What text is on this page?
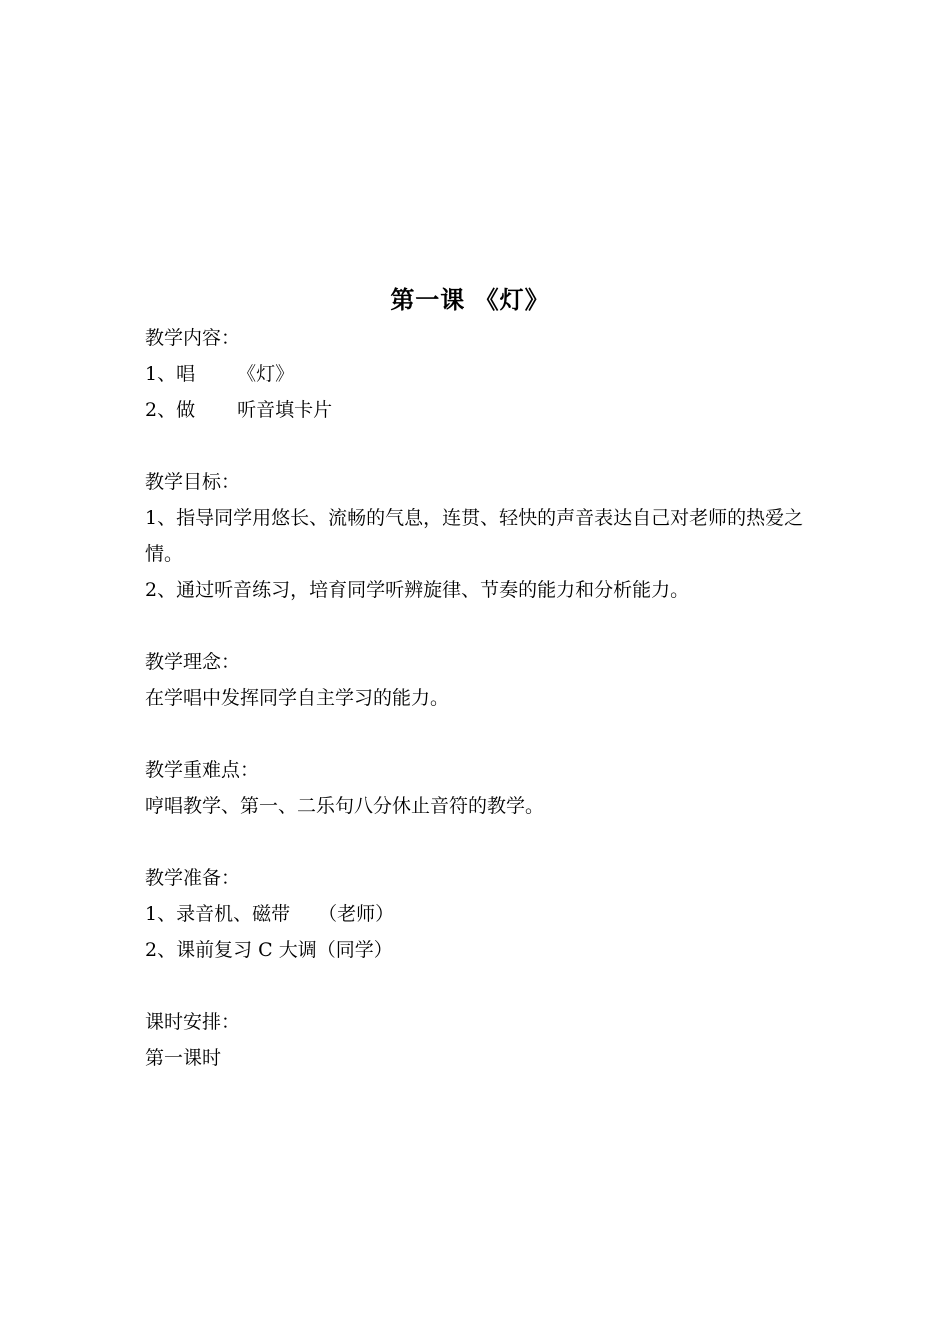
第一课 《灯》
教学内容：
1、唱 《灯》
2、做 听音填卡片
教学目标：
1、指导同学用悠长、流畅的气息，连贯、轻快的声音表达自己对老师的热爱之情。
2、通过听音练习，培育同学听辨旋律、节奏的能力和分析能力。
教学理念：
在学唱中发挥同学自主学习的能力。
教学重难点：
哼唱教学、第一、二乐句八分休止音符的教学。
教学准备：
1、录音机、磁带 （老师）
2、课前复习 C 大调（同学）
课时安排：
第一课时
